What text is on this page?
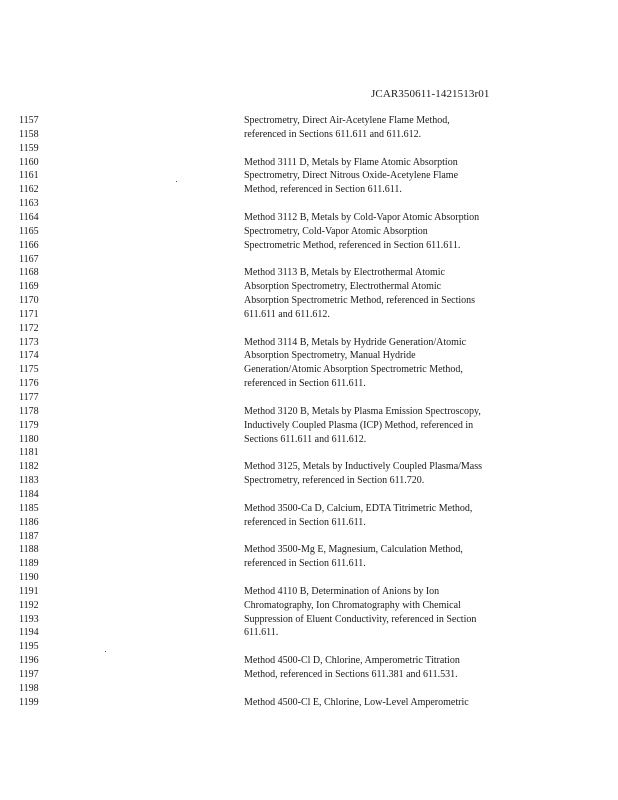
JCAR350611-1421513r01
1157	Spectrometry, Direct Air-Acetylene Flame Method,
1158	referenced in Sections 611.611 and 611.612.
1159
1160	Method 3111 D, Metals by Flame Atomic Absorption
1161	Spectrometry, Direct Nitrous Oxide-Acetylene Flame
1162	Method, referenced in Section 611.611.
1163
1164	Method 3112 B, Metals by Cold-Vapor Atomic Absorption
1165	Spectrometry, Cold-Vapor Atomic Absorption
1166	Spectrometric Method, referenced in Section 611.611.
1167
1168	Method 3113 B, Metals by Electrothermal Atomic
1169	Absorption Spectrometry, Electrothermal Atomic
1170	Absorption Spectrometric Method, referenced in Sections
1171	611.611 and 611.612.
1172
1173	Method 3114 B, Metals by Hydride Generation/Atomic
1174	Absorption Spectrometry, Manual Hydride
1175	Generation/Atomic Absorption Spectrometric Method,
1176	referenced in Section 611.611.
1177
1178	Method 3120 B, Metals by Plasma Emission Spectroscopy,
1179	Inductively Coupled Plasma (ICP) Method, referenced in
1180	Sections 611.611 and 611.612.
1181
1182	Method 3125, Metals by Inductively Coupled Plasma/Mass
1183	Spectrometry, referenced in Section 611.720.
1184
1185	Method 3500-Ca D, Calcium, EDTA Titrimetric Method,
1186	referenced in Section 611.611.
1187
1188	Method 3500-Mg E, Magnesium, Calculation Method,
1189	referenced in Section 611.611.
1190
1191	Method 4110 B, Determination of Anions by Ion
1192	Chromatography, Ion Chromatography with Chemical
1193	Suppression of Eluent Conductivity, referenced in Section
1194	611.611.
1195
1196	Method 4500-Cl D, Chlorine, Amperometric Titration
1197	Method, referenced in Sections 611.381 and 611.531.
1198
1199	Method 4500-Cl E, Chlorine, Low-Level Amperometric
